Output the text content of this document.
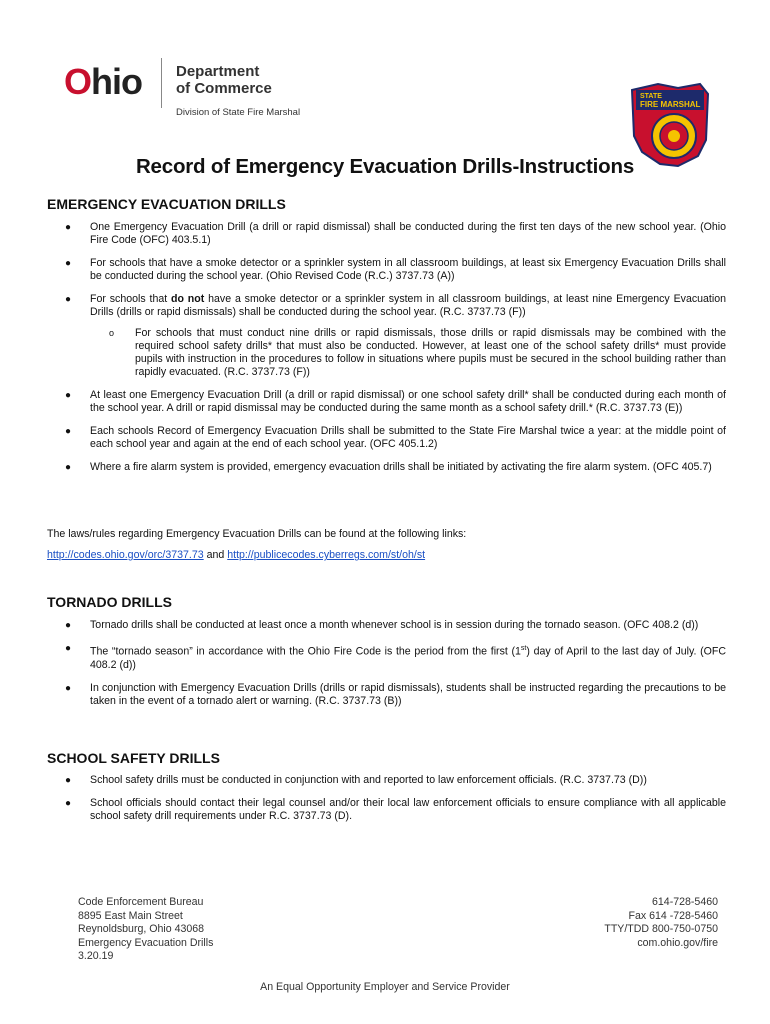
Ohio Department
of Commerce
Division of State Fire Marshal
STATE
FIRE MARSHAL
Record of Emergency Evacuation Drills-Instructions
EMERGENCY EVACUATION DRILLS
● One Emergency Evacuation Drill (a drill or rapid dismissal) shall be conducted during the first ten days of the new school year. (Ohio Fire Code (OFC) 403.5.1)
● For schools that have a smoke detector or a sprinkler system in all classroom buildings, at least six Emergency Evacuation Drills shall be conducted during the school year. (Ohio Revised Code (R.C.) 3737.73 (A))
● For schools that do not have a smoke detector or a sprinkler system in all classroom buildings, at least nine Emergency Evacuation Drills (drills or rapid dismissals) shall be conducted during the school year. (R.C. 3737.73 (F))
o For schools that must conduct nine drills or rapid dismissals, those drills or rapid dismissals may be combined with the required school safety drills* that must also be conducted. However, at least one of the school safety drills* must provide pupils with instruction in the procedures to follow in situations where pupils must be secured in the school building rather than rapidly evacuated. (R.C. 3737.73 (F))
● At least one Emergency Evacuation Drill (a drill or rapid dismissal) or one school safety drill* shall be conducted during each month of the school year. A drill or rapid dismissal may be conducted during the same month as a school safety drill.* (R.C. 3737.73 (E))
● Each schools Record of Emergency Evacuation Drills shall be submitted to the State Fire Marshal twice a year: at the middle point of each school year and again at the end of each school year. (OFC 405.1.2)
● Where a fire alarm system is provided, emergency evacuation drills shall be initiated by activating the fire alarm system. (OFC 405.7)
The laws/rules regarding Emergency Evacuation Drills can be found at the following links:
http://codes.ohio.gov/orc/3737.73 and http://publicecodes.cyberregs.com/st/oh/st
TORNADO DRILLS
● Tornado drills shall be conducted at least once a month whenever school is in session during the tornado season. (OFC 408.2 (d))
● The “tornado season” in accordance with the Ohio Fire Code is the period from the first (1st) day of April to the last day of July. (OFC 408.2 (d))
● In conjunction with Emergency Evacuation Drills (drills or rapid dismissals), students shall be instructed regarding the precautions to be taken in the event of a tornado alert or warning. (R.C. 3737.73 (B))
SCHOOL SAFETY DRILLS
● School safety drills must be conducted in conjunction with and reported to law enforcement officials. (R.C. 3737.73 (D))
● School officials should contact their legal counsel and/or their local law enforcement officials to ensure compliance with all applicable school safety drill requirements under R.C. 3737.73 (D).
Code Enforcement Bureau
8895 East Main Street
Reynoldsburg, Ohio 43068
Emergency Evacuation Drills
3.20.19
614-728-5460
Fax 614 -728-5460
TTY/TDD 800-750-0750
com.ohio.gov/fire
An Equal Opportunity Employer and Service Provider
